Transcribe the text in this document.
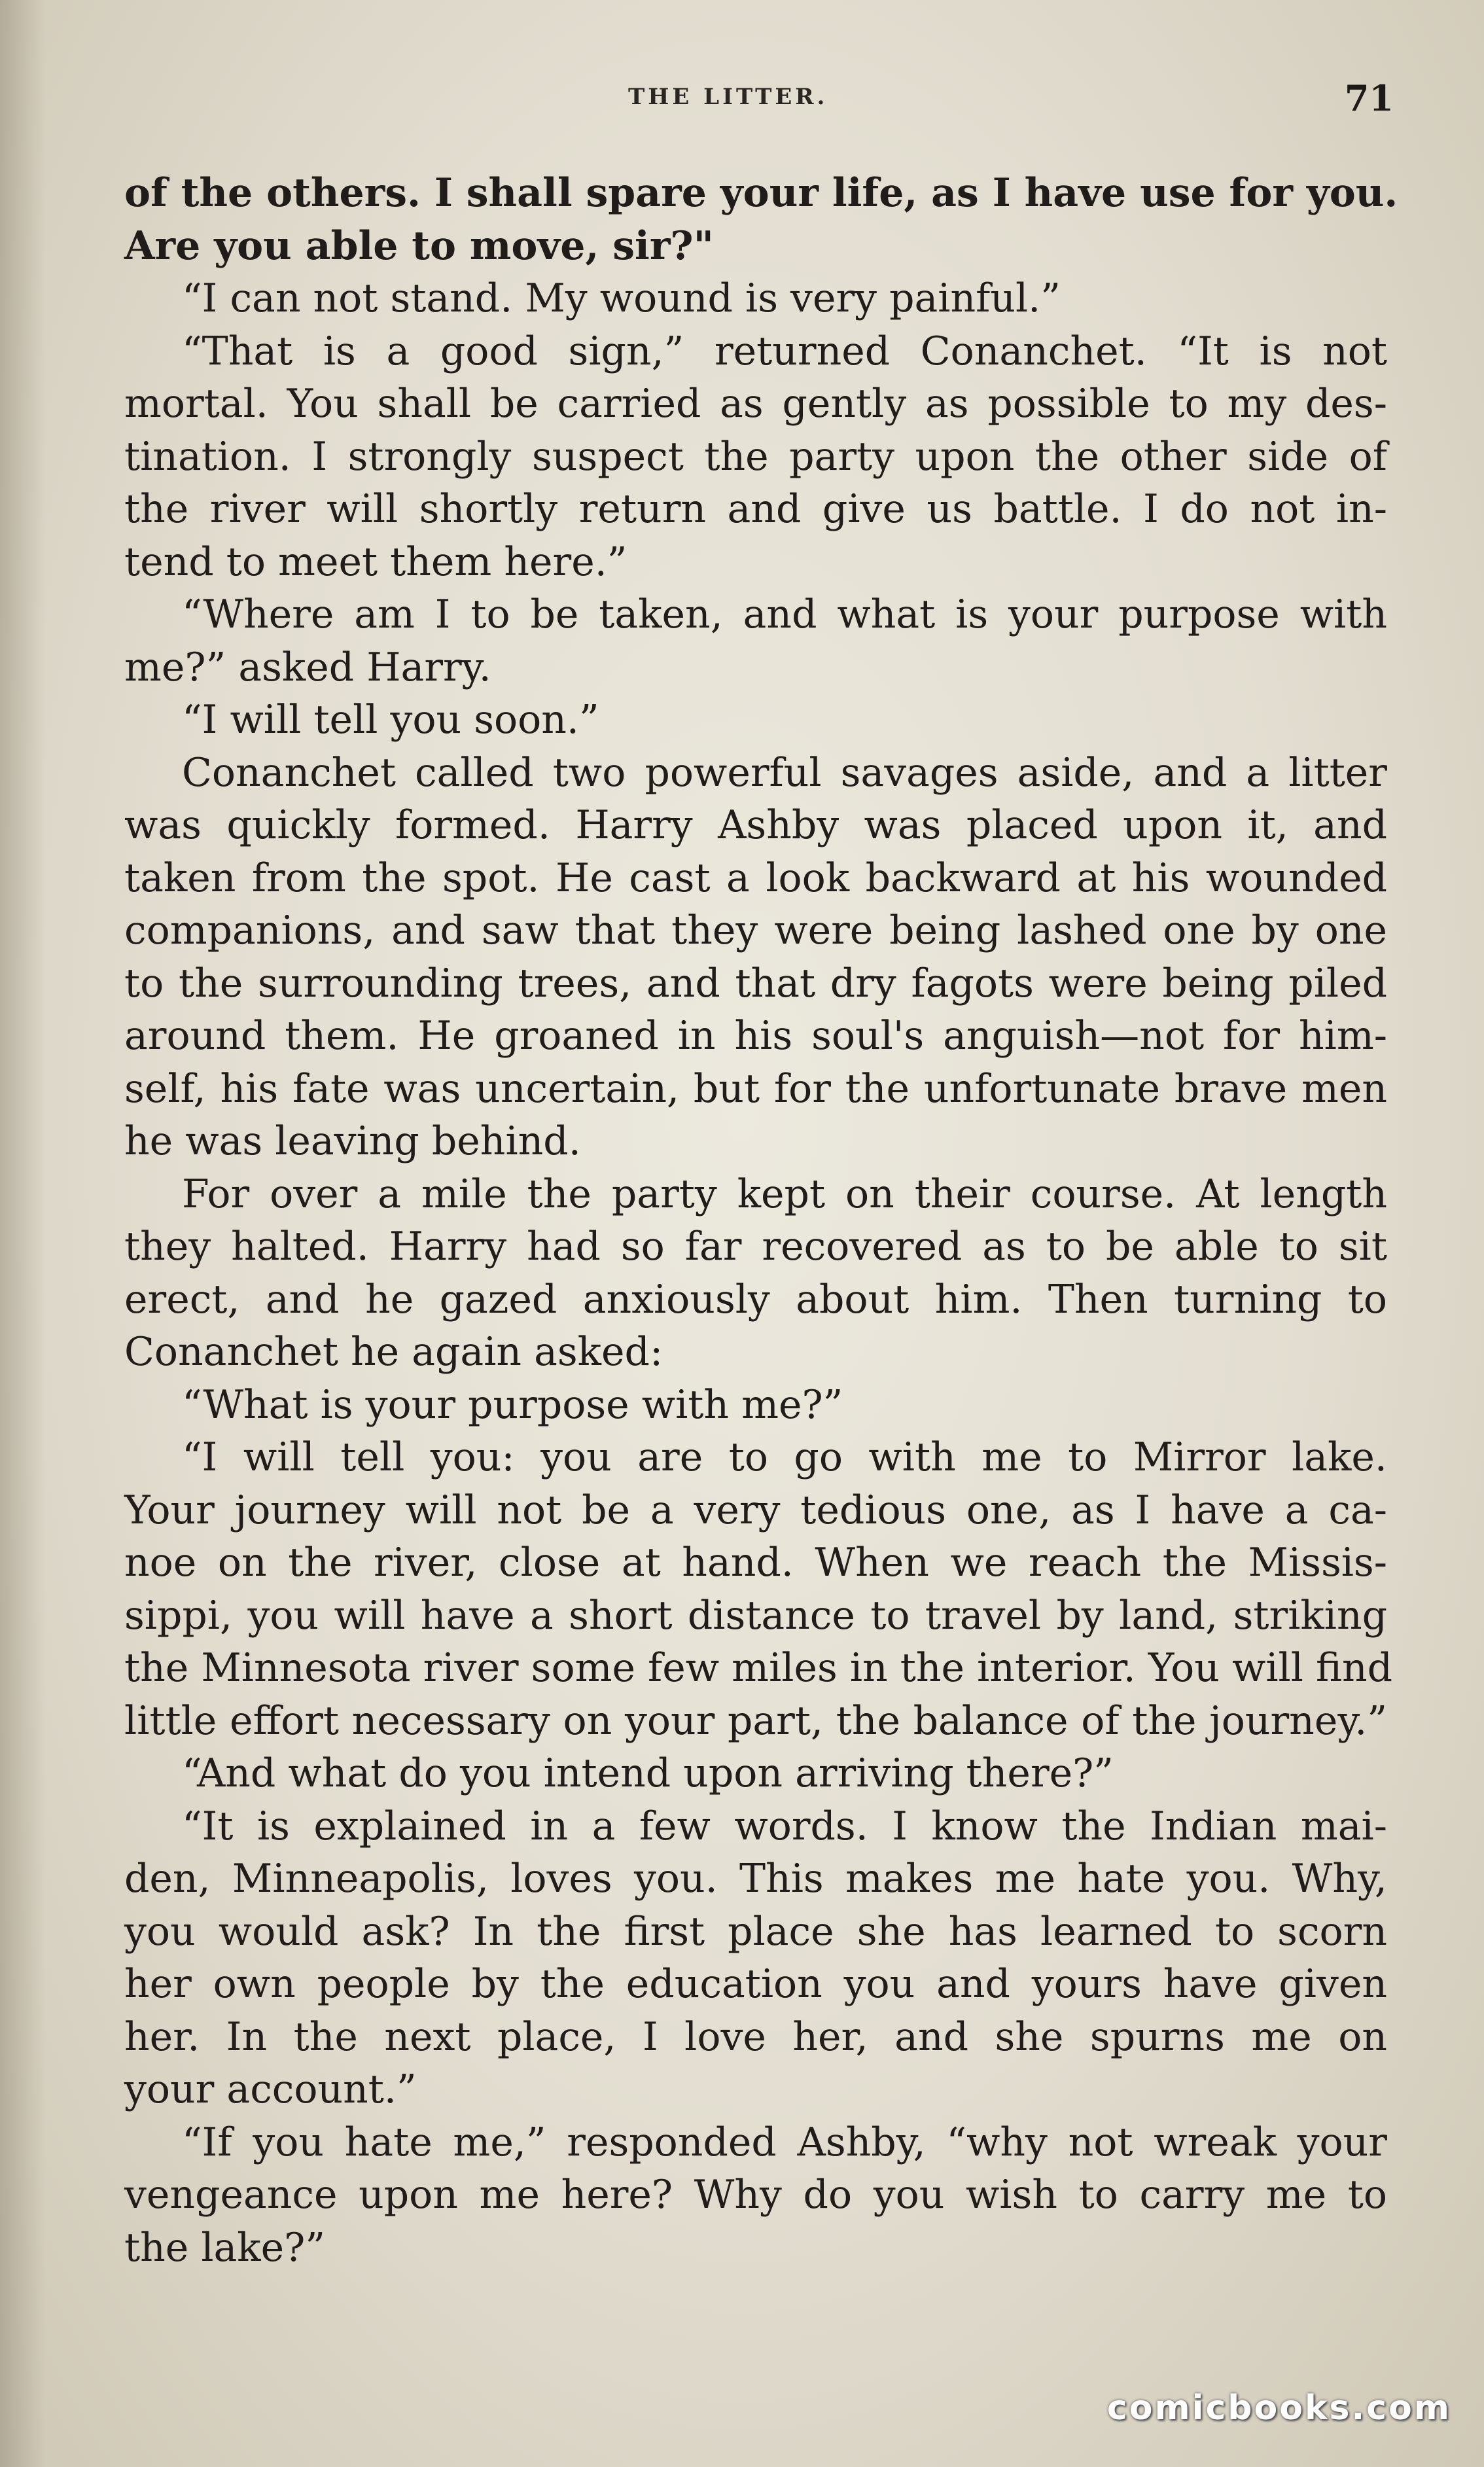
THE LITTER.	71
of the others. I shall spare your life, as I have use for you.
Are you able to move, sir?"
“I can not stand. My wound is very painful.”
“That is a good sign,” returned Conanchet. “It is not
mortal. You shall be carried as gently as possible to my des-
tination. I strongly suspect the party upon the other side of
the river will shortly return and give us battle. I do not in-
tend to meet them here.”
“Where am I to be taken, and what is your purpose with
me?” asked Harry.
“I will tell you soon.”
Conanchet called two powerful savages aside, and a litter
was quickly formed. Harry Ashby was placed upon it, and
taken from the spot. He cast a look backward at his wounded
companions, and saw that they were being lashed one by one
to the surrounding trees, and that dry fagots were being piled
around them. He groaned in his soul's anguish—not for him-
self, his fate was uncertain, but for the unfortunate brave men
he was leaving behind.
For over a mile the party kept on their course. At length
they halted. Harry had so far recovered as to be able to sit
erect, and he gazed anxiously about him. Then turning to
Conanchet he again asked:
“What is your purpose with me?”
“I will tell you: you are to go with me to Mirror lake.
Your journey will not be a very tedious one, as I have a ca-
noe on the river, close at hand. When we reach the Missis-
sippi, you will have a short distance to travel by land, striking
the Minnesota river some few miles in the interior. You will find
little effort necessary on your part, the balance of the journey.”
“And what do you intend upon arriving there?”
“It is explained in a few words. I know the Indian mai-
den, Minneapolis, loves you. This makes me hate you. Why,
you would ask? In the first place she has learned to scorn
her own people by the education you and yours have given
her. In the next place, I love her, and she spurns me on
your account.”
“If you hate me,” responded Ashby, “why not wreak your
vengeance upon me here? Why do you wish to carry me to
the lake?”
comicbooks.com
